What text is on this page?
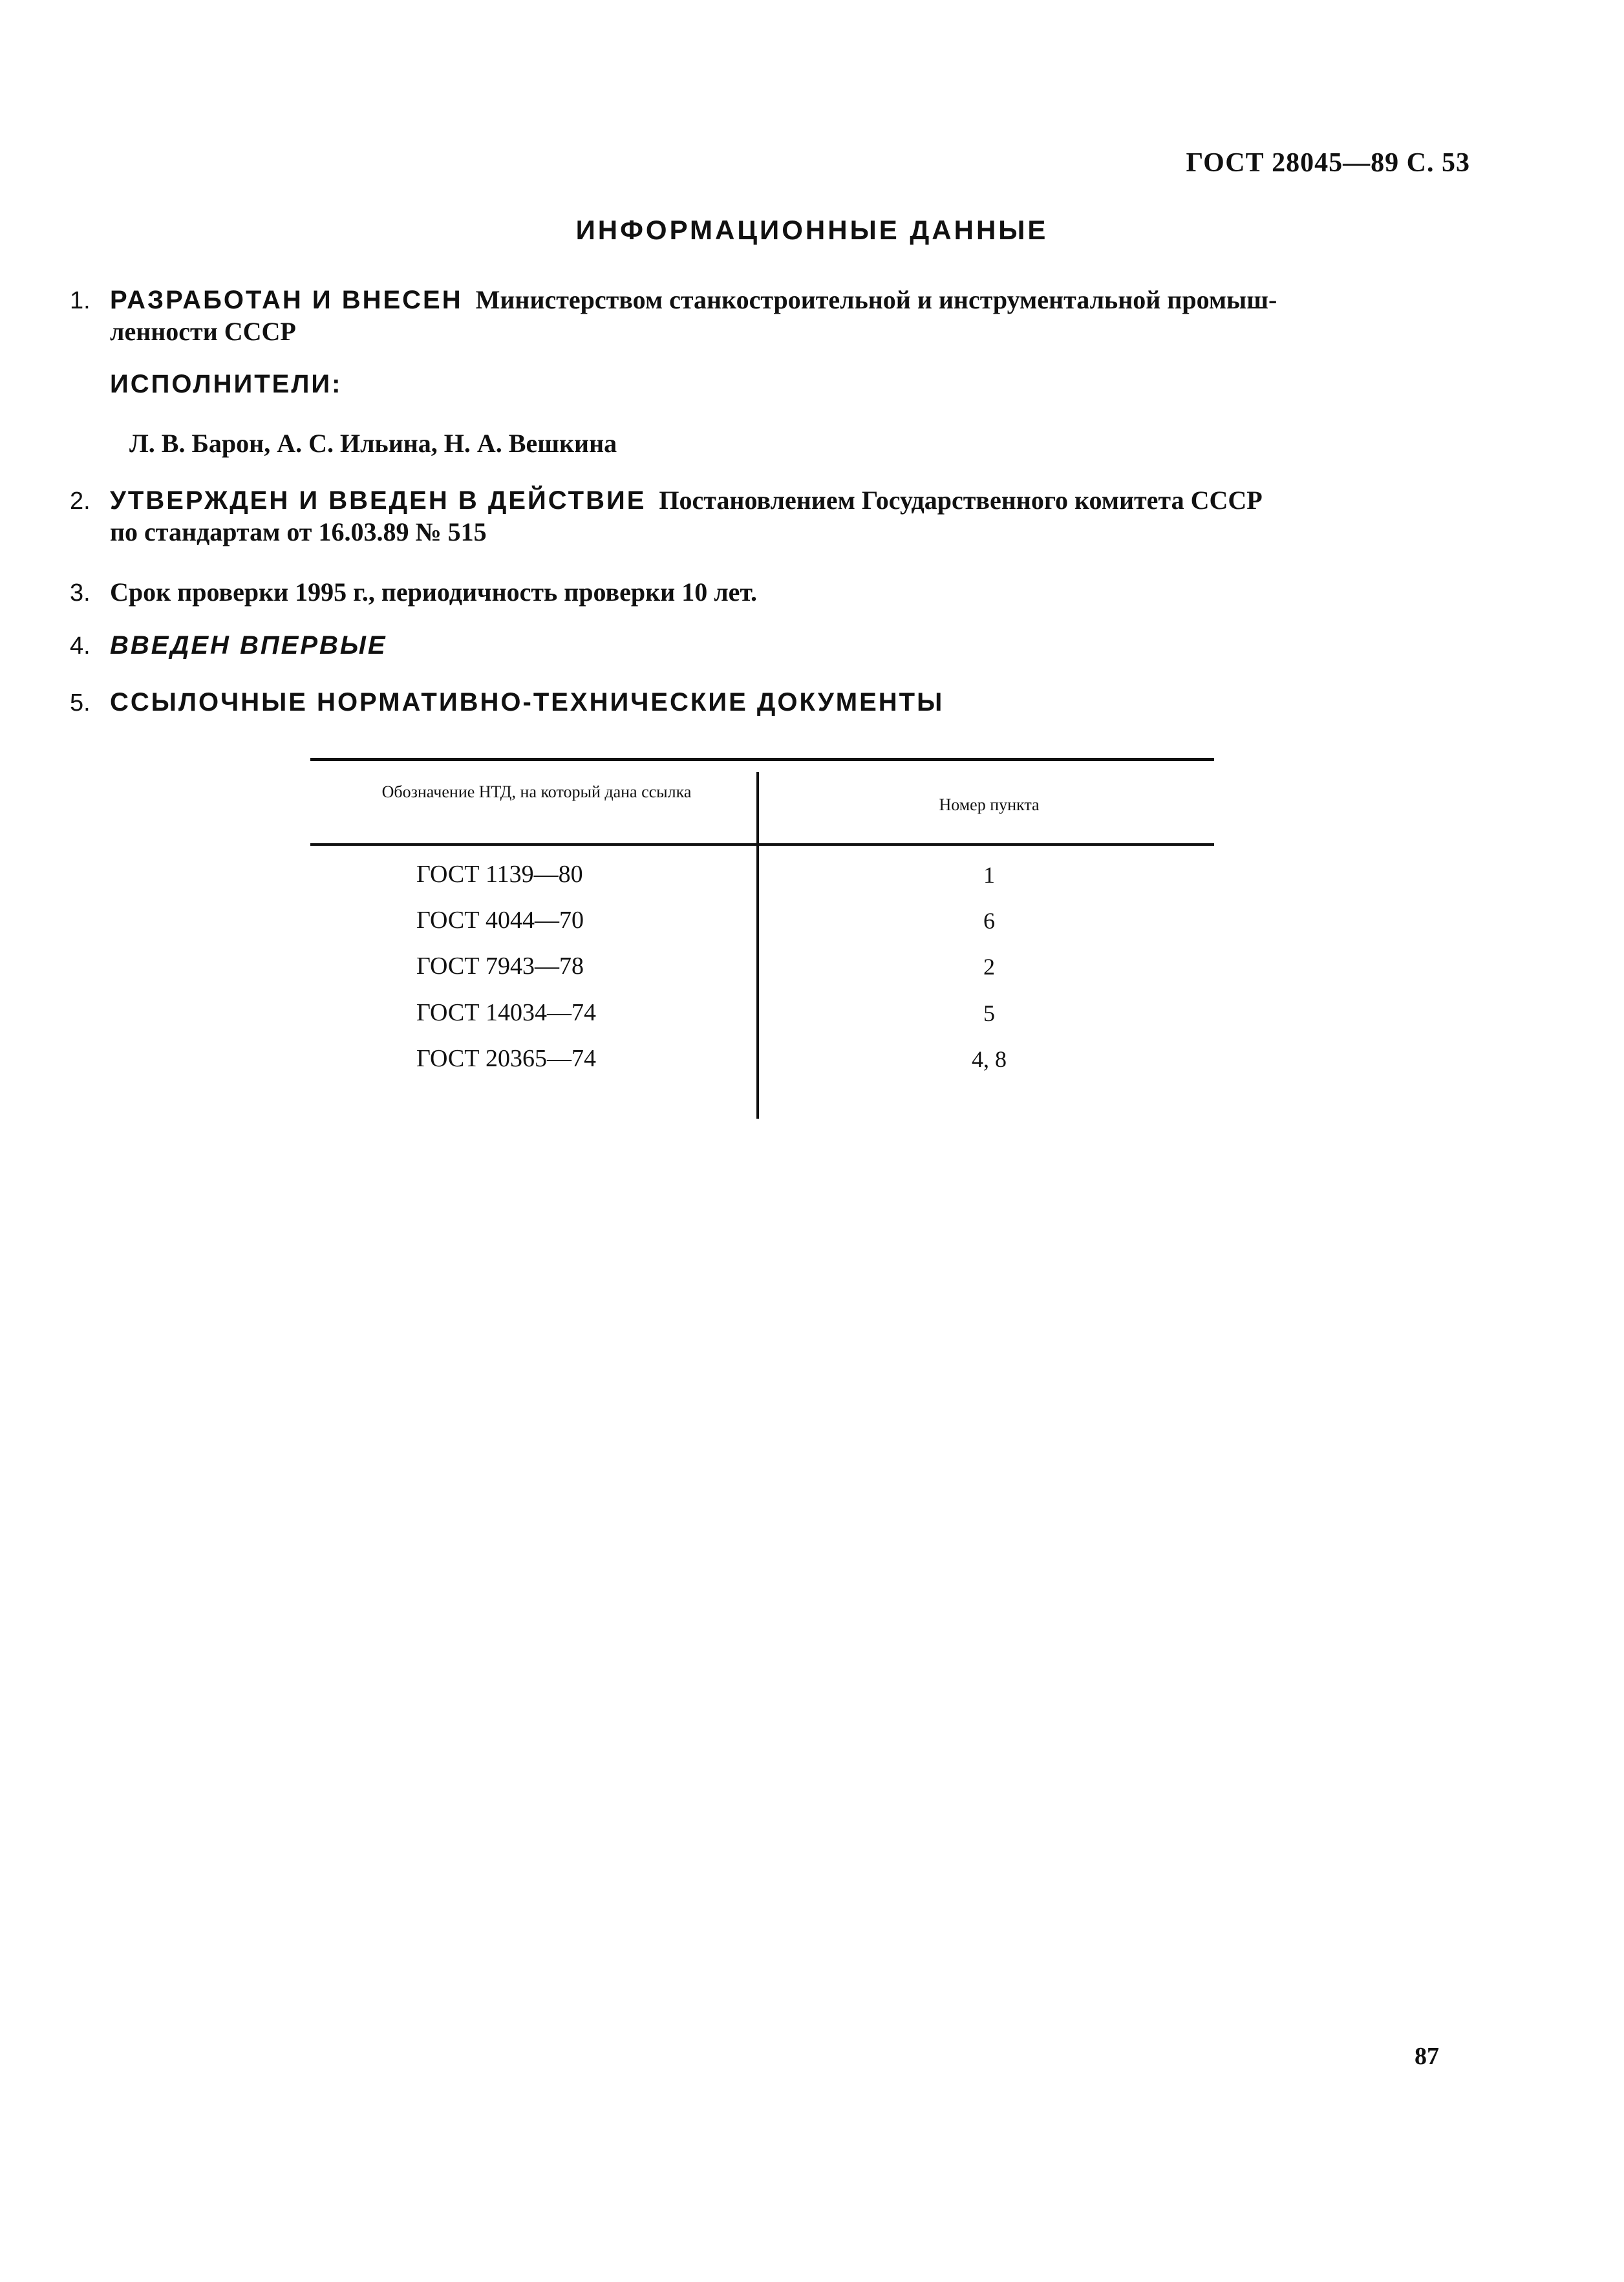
ГОСТ 28045—89 С. 53
ИНФОРМАЦИОННЫЕ ДАННЫЕ
1. РАЗРАБОТАН И ВНЕСЕН Министерством станкостроительной и инструментальной промыш-
ленности СССР
ИСПОЛНИТЕЛИ:
Л. В. Барон, А. С. Ильина, Н. А. Вешкина
2. УТВЕРЖДЕН И ВВЕДЕН В ДЕЙСТВИЕ Постановлением Государственного комитета СССР
по стандартам от 16.03.89 № 515
3. Срок проверки 1995 г., периодичность проверки 10 лет.
4. ВВЕДЕН ВПЕРВЫЕ
5. ССЫЛОЧНЫЕ НОРМАТИВНО-ТЕХНИЧЕСКИЕ ДОКУМЕНТЫ
Обозначение НТД, на который дана ссылка
Номер пункта
ГОСТ 1139—80	1
ГОСТ 4044—70	6
ГОСТ 7943—78	2
ГОСТ 14034—74	5
ГОСТ 20365—74	4, 8
87
